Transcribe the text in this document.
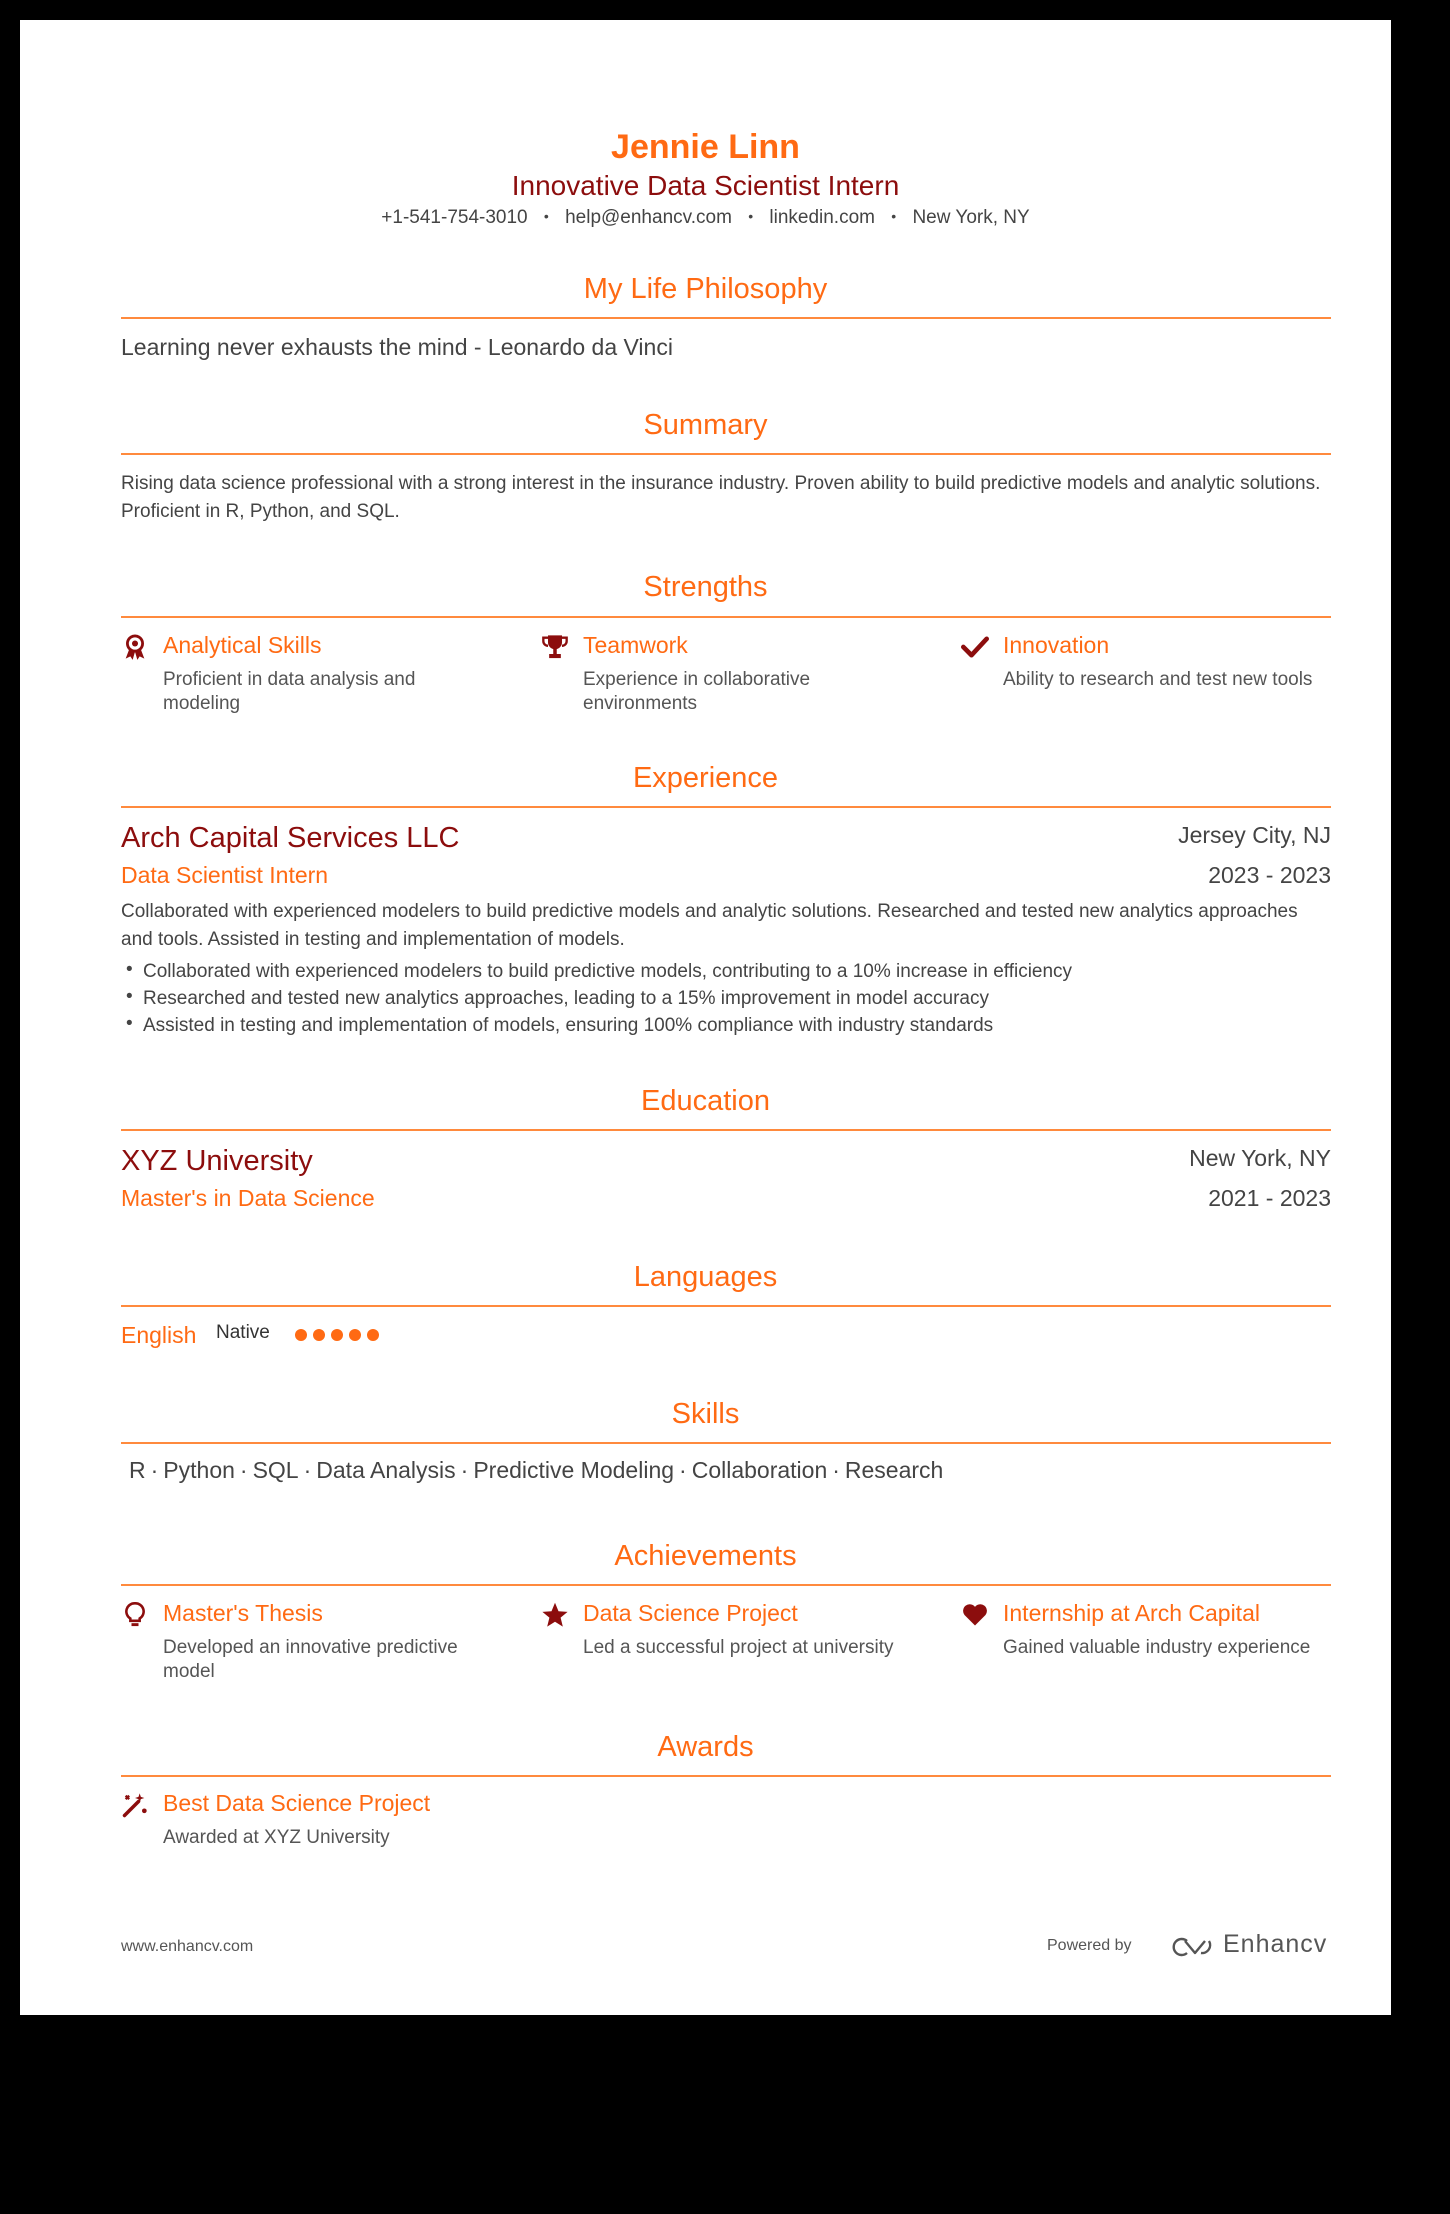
Jennie Linn
Innovative Data Scientist Intern
+1-541-754-3010 • help@enhancv.com • linkedin.com • New York, NY
My Life Philosophy
Learning never exhausts the mind - Leonardo da Vinci
Summary
Rising data science professional with a strong interest in the insurance industry. Proven ability to build predictive models and analytic solutions. Proficient in R, Python, and SQL.
Strengths
Analytical Skills
Proficient in data analysis and modeling
Teamwork
Experience in collaborative environments
Innovation
Ability to research and test new tools
Experience
Arch Capital Services LLC	Jersey City, NJ
Data Scientist Intern	2023 - 2023
Collaborated with experienced modelers to build predictive models and analytic solutions. Researched and tested new analytics approaches and tools. Assisted in testing and implementation of models.
• Collaborated with experienced modelers to build predictive models, contributing to a 10% increase in efficiency
• Researched and tested new analytics approaches, leading to a 15% improvement in model accuracy
• Assisted in testing and implementation of models, ensuring 100% compliance with industry standards
Education
XYZ University	New York, NY
Master's in Data Science	2021 - 2023
Languages
English Native
Skills
R · Python · SQL · Data Analysis · Predictive Modeling · Collaboration · Research
Achievements
Master's Thesis
Developed an innovative predictive model
Data Science Project
Led a successful project at university
Internship at Arch Capital
Gained valuable industry experience
Awards
Best Data Science Project
Awarded at XYZ University
www.enhancv.com	Powered by	Enhancv
